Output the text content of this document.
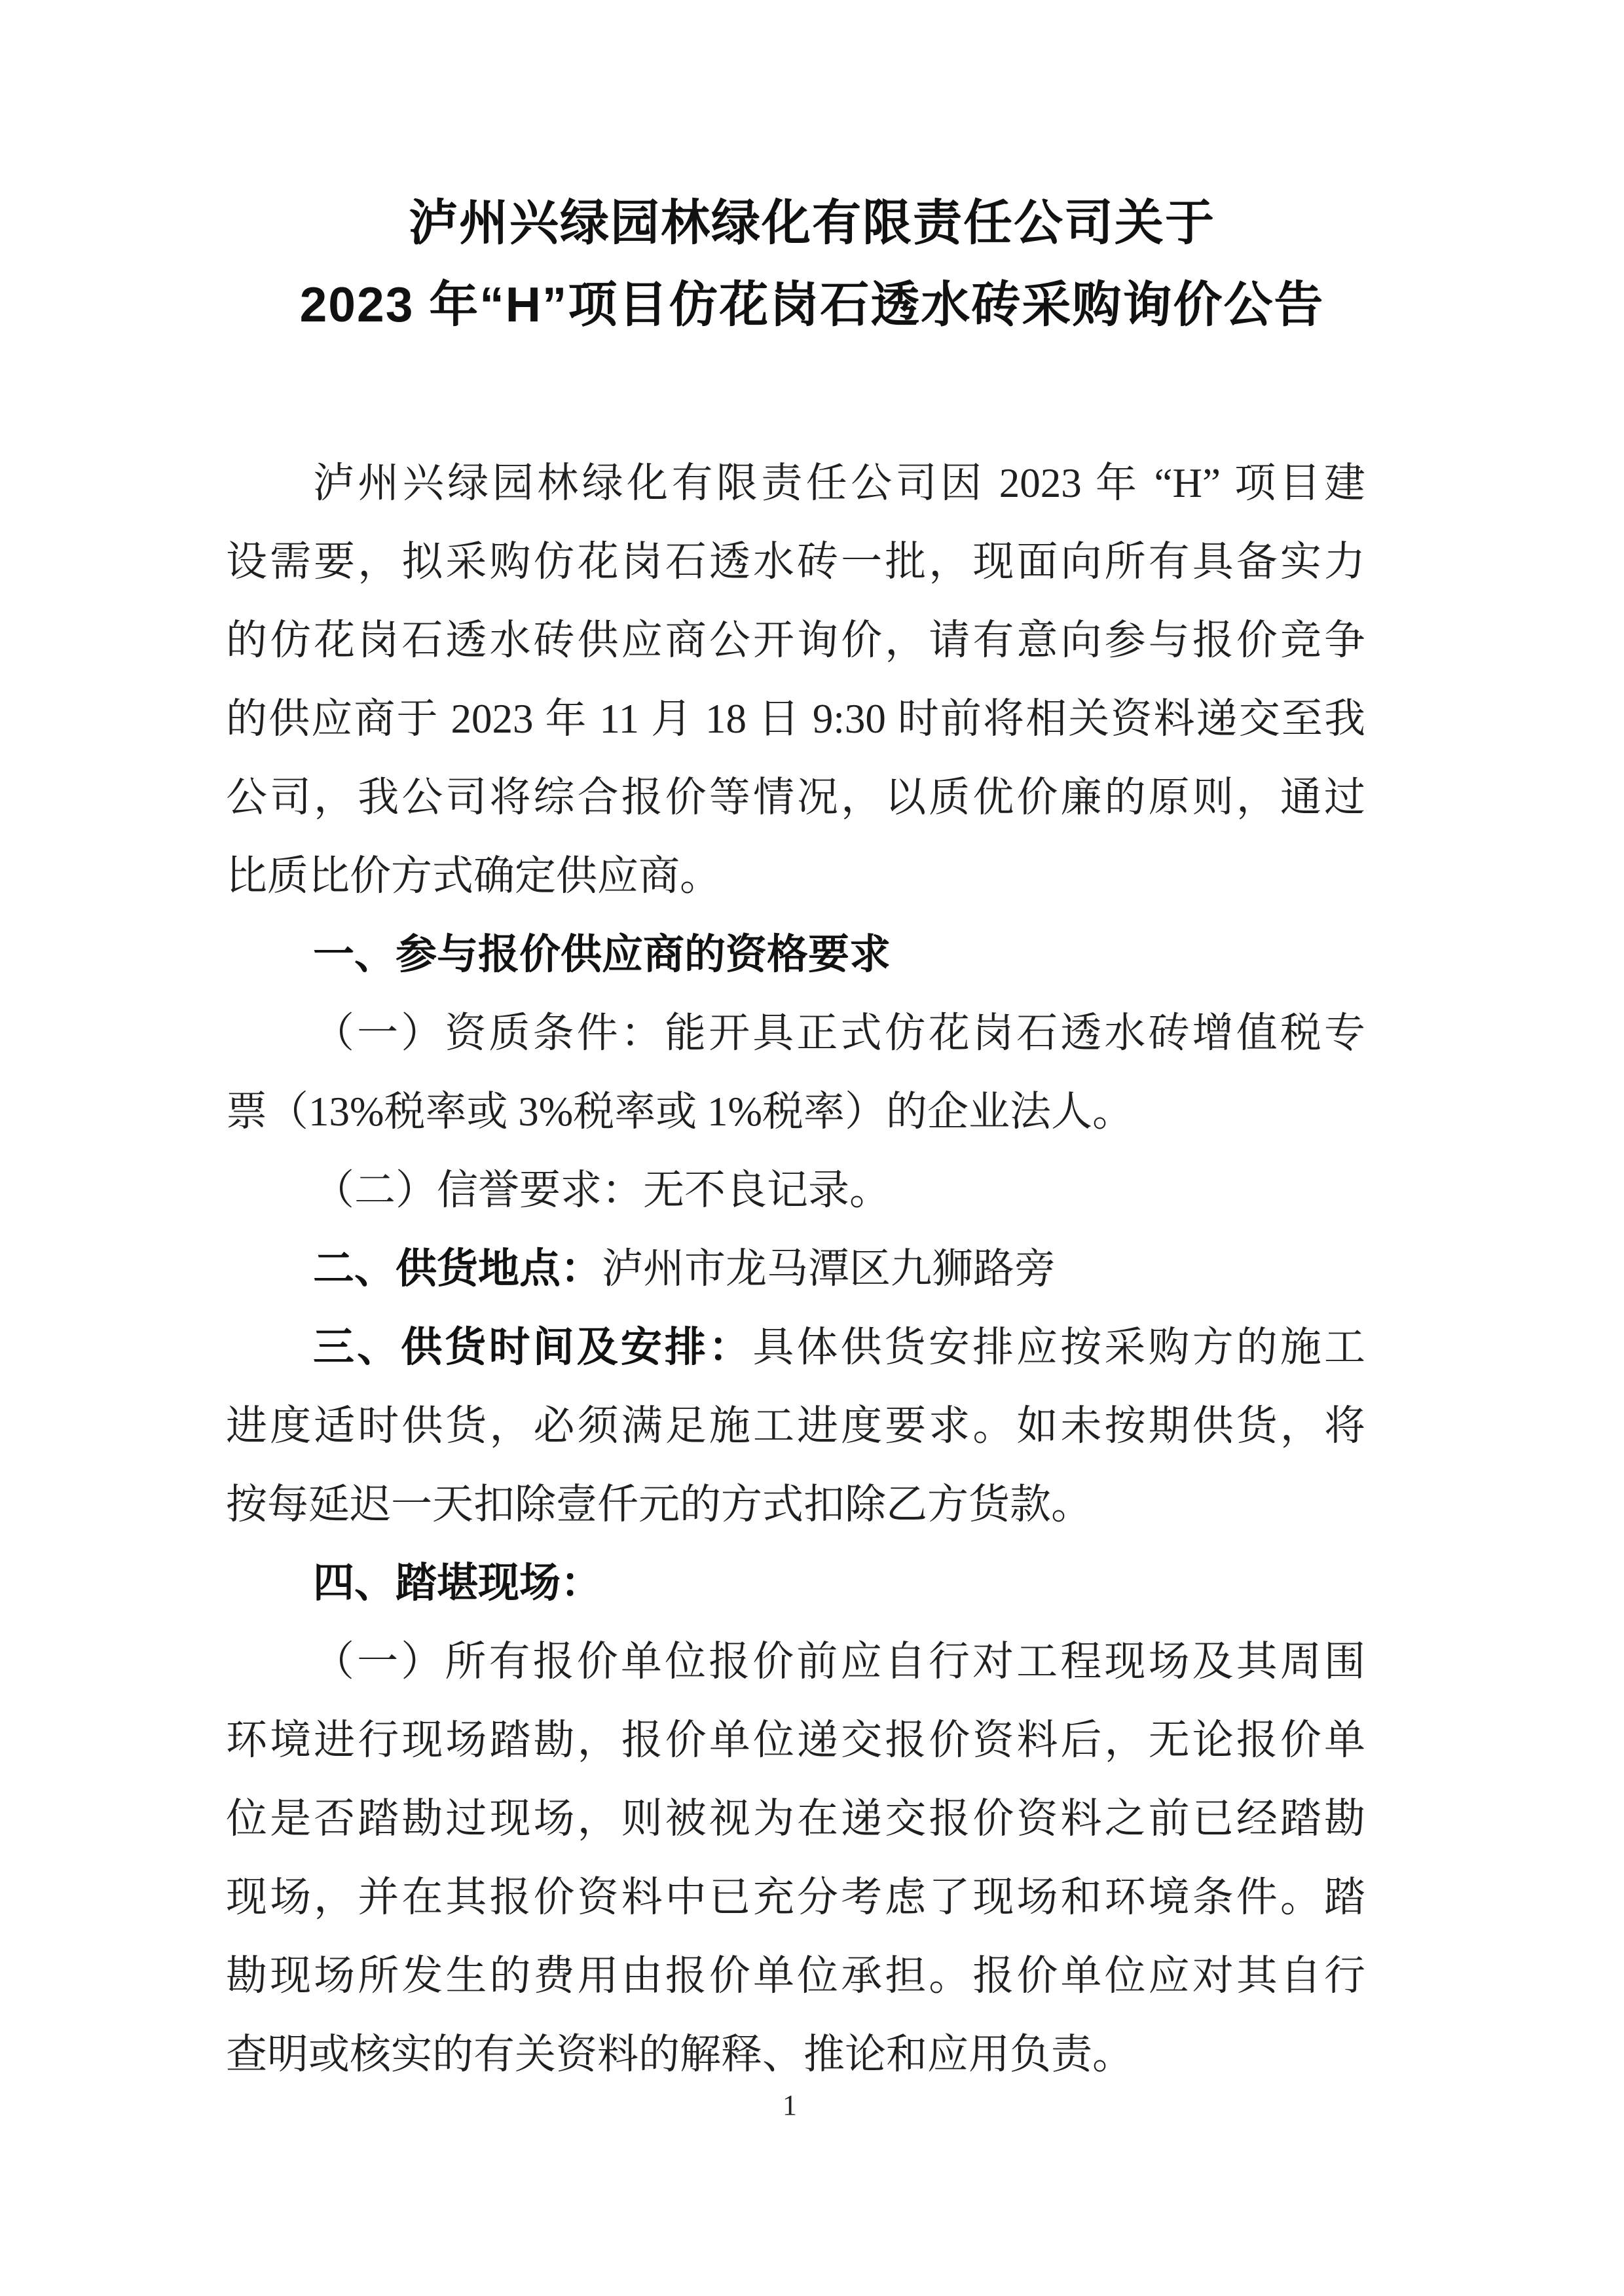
泸州兴绿园林绿化有限责任公司关于
2023 年“H”项目仿花岗石透水砖采购询价公告
泸州兴绿园林绿化有限责任公司因 2023 年 “H” 项目建
设需要，拟采购仿花岗石透水砖一批，现面向所有具备实力
的仿花岗石透水砖供应商公开询价，请有意向参与报价竞争
的供应商于 2023 年 11 月 18 日 9:30 时前将相关资料递交至我
公司，我公司将综合报价等情况，以质优价廉的原则，通过
比质比价方式确定供应商。
一、参与报价供应商的资格要求
（一）资质条件：能开具正式仿花岗石透水砖增值税专
票（13%税率或 3%税率或 1%税率）的企业法人。
（二）信誉要求：无不良记录。
二、供货地点：泸州市龙马潭区九狮路旁
三、供货时间及安排：具体供货安排应按采购方的施工
进度适时供货，必须满足施工进度要求。如未按期供货，将
按每延迟一天扣除壹仟元的方式扣除乙方货款。
四、踏堪现场：
（一）所有报价单位报价前应自行对工程现场及其周围
环境进行现场踏勘，报价单位递交报价资料后，无论报价单
位是否踏勘过现场，则被视为在递交报价资料之前已经踏勘
现场，并在其报价资料中已充分考虑了现场和环境条件。踏
勘现场所发生的费用由报价单位承担。报价单位应对其自行
查明或核实的有关资料的解释、推论和应用负责。
1
